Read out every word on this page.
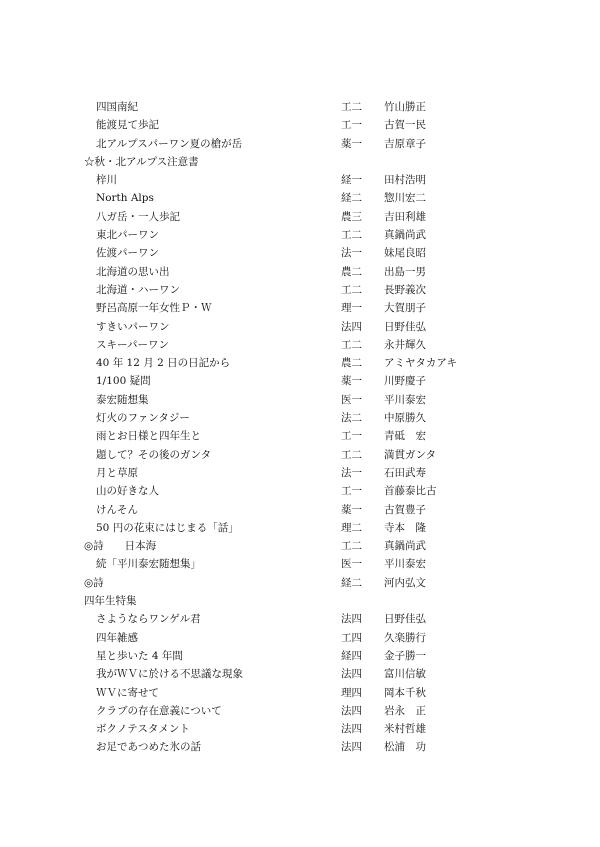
四国南紀	工二 竹山勝正
能渡見て歩記	工一 古賀一民
北アルプスパーワン夏の槍が岳	薬一 吉原章子
☆秋・北アルプス注意書
梓川	経一 田村浩明
North Alps	経二 惣川宏二
八ガ岳・一人歩記	農三 吉田利雄
東北パーワン	工二 真鍋尚武
佐渡パーワン	法一 妹尾良昭
北海道の思い出	農二 出島一男
北海道・ハーワン	工二 長野義次
野呂高原一年女性Ｐ・Ｗ	理一 大賀朋子
すきいパーワン	法四 日野佳弘
スキーパーワン	工二 永井輝久
40 年 12 月 2 日の日記から	農二 アミヤタカアキ
1/100 疑問	薬一 川野慶子
泰宏随想集	医一 平川泰宏
灯火のファンタジー	法二 中原勝久
雨とお日様と四年生と	工一 青砥　宏
題して？その後のガンタ	工二 満貫ガンタ
月と草原	法一 石田武寿
山の好きな人	工一 首藤泰比古
けんそん	薬一 古賀豊子
50 円の花束にはじまる「話」	理二 寺本　隆
◎詩　　日本海	工二 真鍋尚武
続「平川泰宏随想集」	医一 平川泰宏
◎詩	経二 河内弘文
四年生特集
さようならワンゲル君	法四 日野佳弘
四年雑感	工四 久楽勝行
星と歩いた 4 年間	経四 金子勝一
我がＷＶに於ける不思議な現象	法四 富川信敏
ＷＶに寄せて	理四 岡本千秋
クラブの存在意義について	法四 岩永　正
ボクノテスタメント	法四 米村哲雄
お足であつめた氷の話	法四 松浦　功
